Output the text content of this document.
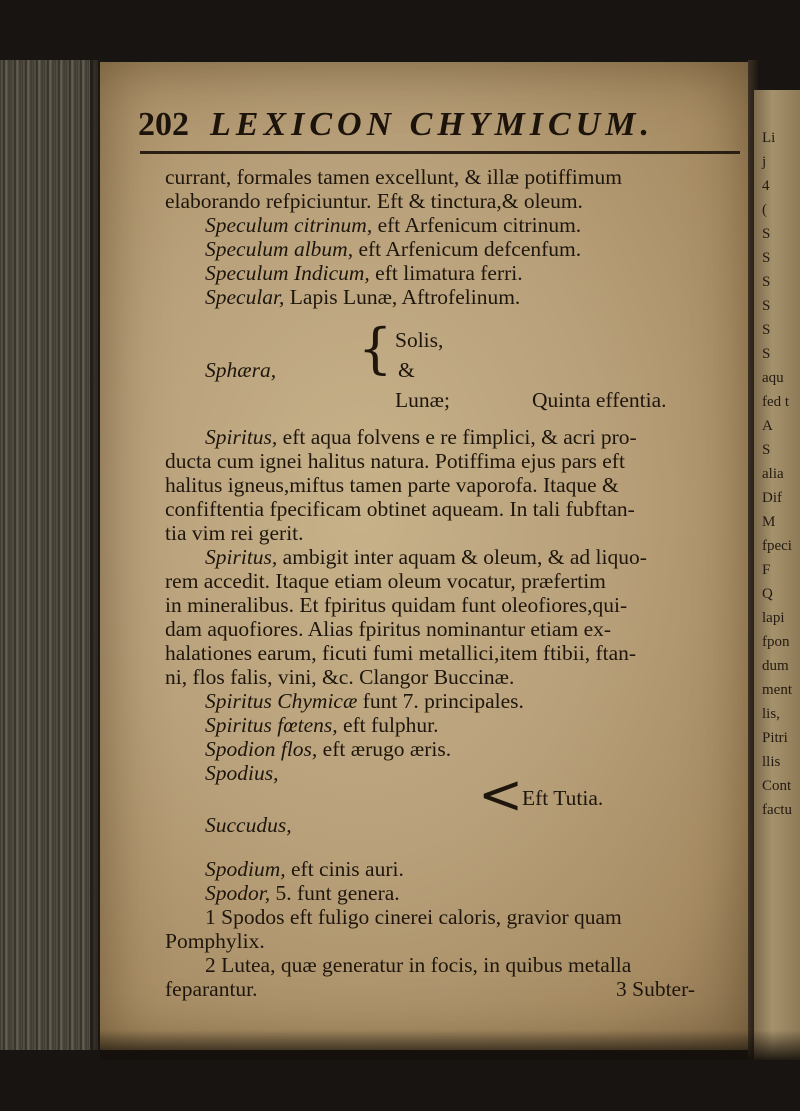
Li
j
4
(
S
S
S
S
S
S
aqu
fed t
A
S
alia
Dif
M
fpeci
F
Q
lapi
fpon
dum
ment
lis,
Pitri
llis
Cont
factu
202 LEXICON CHYMICUM.
currant, formales tamen excellunt, & illæ potiffimum
elaborando refpiciuntur. Eft & tinctura,& oleum.
Speculum citrinum, eft Arfenicum citrinum.
Speculum album, eft Arfenicum defcenfum.
Speculum Indicum, eft limatura ferri.
Specular, Lapis Lunæ, Aftrofelinum.
Solis,
Sphæra, { &
Lunæ;	Quinta effentia.
Spiritus, eft aqua folvens e re fimplici, & acri pro-
ducta cum ignei halitus natura. Potiffima ejus pars eft
halitus igneus,miftus tamen parte vaporofa. Itaque &
confiftentia fpecificam obtinet aqueam. In tali fubftan-
tia vim rei gerit.
Spiritus, ambigit inter aquam & oleum, & ad liquo-
rem accedit. Itaque etiam oleum vocatur, præfertim
in mineralibus. Et fpiritus quidam funt oleofiores,qui-
dam aquofiores. Alias fpiritus nominantur etiam ex-
halationes earum, ficuti fumi metallici,item ftibii, ftan-
ni, flos falis, vini, &c. Clangor Buccinæ.
Spiritus Chymicæ funt 7. principales.
Spiritus fœtens, eft fulphur.
Spodion flos, eft ærugo æris.
Spodius,	<
Eft Tutia.
Succudus,
Spodium, eft cinis auri.
Spodor, 5. funt genera.
1 Spodos eft fuligo cinerei caloris, gravior quam
Pomphylix.
2 Lutea, quæ generatur in focis, in quibus metalla
feparantur.	3 Subter-
